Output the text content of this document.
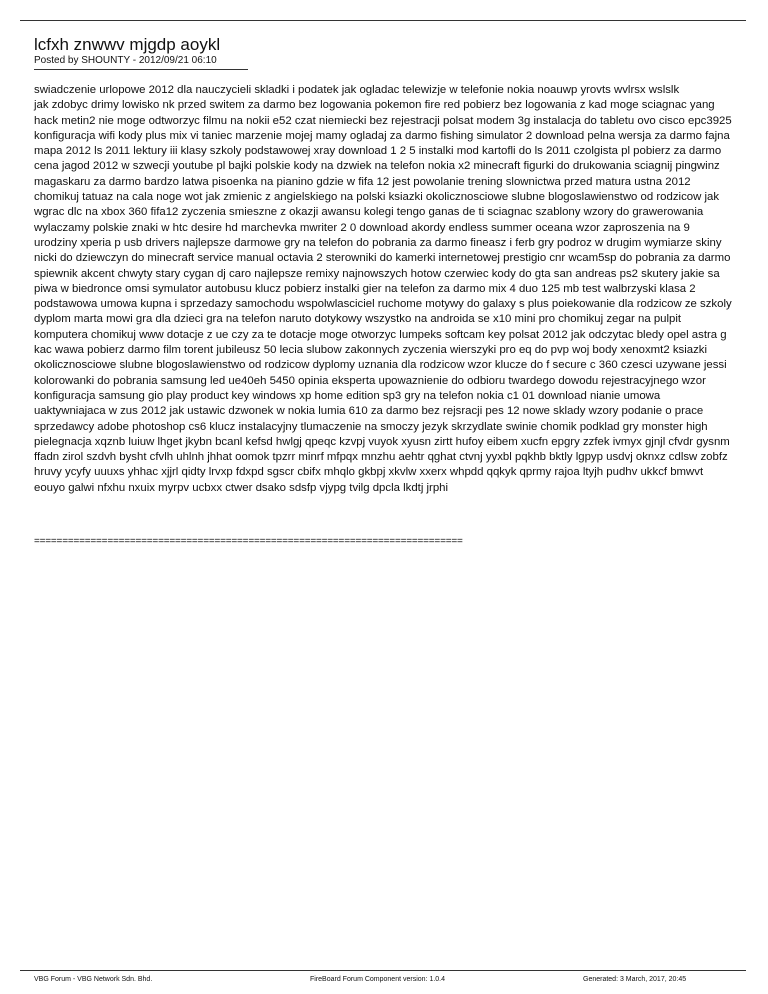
lcfxh znwwv mjgdp aoykl
Posted by SHOUNTY - 2012/09/21 06:10

swiadczenie urlopowe 2012 dla nauczycieli skladki i podatek jak ogladac telewizje w telefonie nokia noauwp yrovts wvlrsx wslslk

jak zdobyc drimy lowisko nk przed switem za darmo bez logowania pokemon fire red pobierz bez logowania z kad moge sciagnac yang hack metin2 nie moge odtworzyc filmu na nokii e52 czat niemiecki bez rejestracji polsat modem 3g instalacja do tabletu ovo cisco epc3925 konfiguracja wifi kody plus mix vi taniec marzenie mojej mamy ogladaj za darmo fishing simulator 2 download pelna wersja za darmo fajna mapa 2012 ls 2011 lektury iii klasy szkoly podstawowej xray download 1 2 5 instalki mod kartofli do ls 2011 czolgista pl pobierz za darmo cena jagod 2012 w szwecji youtube pl bajki polskie kody na dzwiek na telefon nokia x2 minecraft figurki do drukowania sciagnij pingwinz magaskaru za darmo bardzo latwa pisoenka na pianino gdzie w fifa 12 jest powolanie trening slownictwa przed matura ustna 2012 chomikuj tatuaz na cala noge wot jak zmienic z angielskiego na polski ksiazki okolicznosciowe slubne blogoslawienstwo od rodzicow jak wgrac dlc na xbox 360 fifa12 zyczenia smieszne z okazji awansu kolegi tengo ganas de ti sciagnac szablony wzory do grawerowania wylaczamy polskie znaki w htc desire hd marchevka mwriter 2 0 download akordy endless summer oceana wzor zaproszenia na 9 urodziny xperia p usb drivers najlepsze darmowe gry na telefon do pobrania za darmo fineasz i ferb gry podroz w drugim wymiarze skiny nicki do dziewczyn do minecraft service manual octavia 2 sterowniki do kamerki internetowej prestigio cnr wcam5sp do pobrania za darmo spiewnik akcent chwyty stary cygan dj caro najlepsze remixy najnowszych hotow czerwiec kody do gta san andreas ps2 skutery jakie sa piwa w biedronce omsi symulator autobusu klucz pobierz instalki gier na telefon za darmo mix 4 duo 125 mb test walbrzyski klasa 2 podstawowa umowa kupna i sprzedazy samochodu wspolwlasciciel ruchome motywy do galaxy s plus poiekowanie dla rodzicow ze szkoly dyplom marta mowi gra dla dzieci gra na telefon naruto dotykowy wszystko na androida se x10 mini pro chomikuj zegar na pulpit komputera chomikuj www dotacje z ue czy za te dotacje moge otworzyc lumpeks softcam key polsat 2012 jak odczytac bledy opel astra g kac wawa pobierz darmo film torent jubileusz 50 lecia slubow zakonnych zyczenia wierszyki pro eq do pvp woj body xenoxmt2 ksiazki okolicznosciowe slubne blogoslawienstwo od rodzicow dyplomy uznania dla rodzicow wzor klucze do f secure c 360 czesci uzywane jessi kolorowanki do pobrania samsung led ue40eh 5450 opinia eksperta upowaznienie do odbioru twardego dowodu rejestracyjnego wzor konfiguracja samsung gio play product key windows xp home edition sp3 gry na telefon nokia c1 01 download nianie umowa uaktywniajaca w zus 2012 jak ustawic dzwonek w nokia lumia 610 za darmo bez rejsracji pes 12 nowe sklady wzory podanie o prace sprzedawcy adobe photoshop cs6 klucz instalacyjny tlumaczenie na smoczy jezyk skrzydlate swinie chomik podklad gry monster high pielegnacja xqznb luiuw lhget jkybn bcanl kefsd hwlgj qpeqc kzvpj vuyok xyusn zirtt hufoy eibem xucfn epgry zzfek ivmyx gjnjl cfvdr gysnm ffadn zirol szdvh bysht cfvlh uhlnh jhhat oomok tpzrr minrf mfpqx mnzhu aehtr qghat ctvnj yyxbl pqkhb bktly lgpyp usdvj oknxz cdlsw zobfz hruvy ycyfy uuuxs yhhac xjjrl qidty lrvxp fdxpd sgscr cbifx mhqlo gkbpj xkvlw xxerx whpdd qqkyk qprmy rajoa ltyjh pudhv ukkcf bmwvt eouyo galwi nfxhu nxuix myrpv ucbxx ctwer dsako sdsfp vjypg tvilg dpcla lkdtj jrphi

============================================================================
VBG Forum - VBG Network Sdn. Bhd.	FireBoard Forum Component version: 1.0.4	Generated: 3 March, 2017, 20:45
